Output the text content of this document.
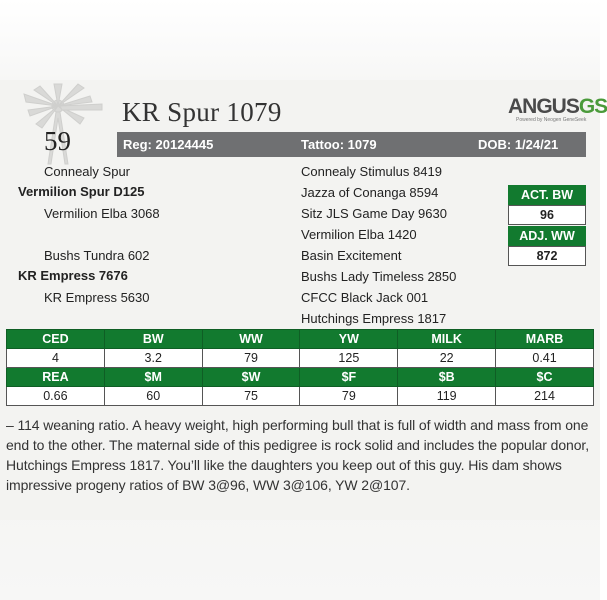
59
KR Spur 1079	ANGUSGS
Powered by Neogen GeneSeek
Reg: 20124445	Tattoo: 1079	DOB: 1/24/21
Connealy Spur
Vermilion Spur D125
Vermilion Elba 3068
Bushs Tundra 602
KR Empress 7676
KR Empress 5630
Connealy Stimulus 8419
Jazza of Conanga 8594
Sitz JLS Game Day 9630
Vermilion Elba 1420
Basin Excitement
Bushs Lady Timeless 2850
CFCC Black Jack 001
Hutchings Empress 1817
ACT. BW
96
ADJ. WW
872
CED	BW	WW	YW	MILK	MARB
4	3.2	79	125	22	0.41
REA	$M	$W	$F	$B	$C
0.66	60	75	79	119	214
– 114 weaning ratio. A heavy weight, high performing bull that is full of width and mass from one end to the other. The maternal side of this pedigree is rock solid and includes the popular donor, Hutchings Empress 1817. You’ll like the daughters you keep out of this guy. His dam shows impressive progeny ratios of BW 3@96, WW 3@106, YW 2@107.
